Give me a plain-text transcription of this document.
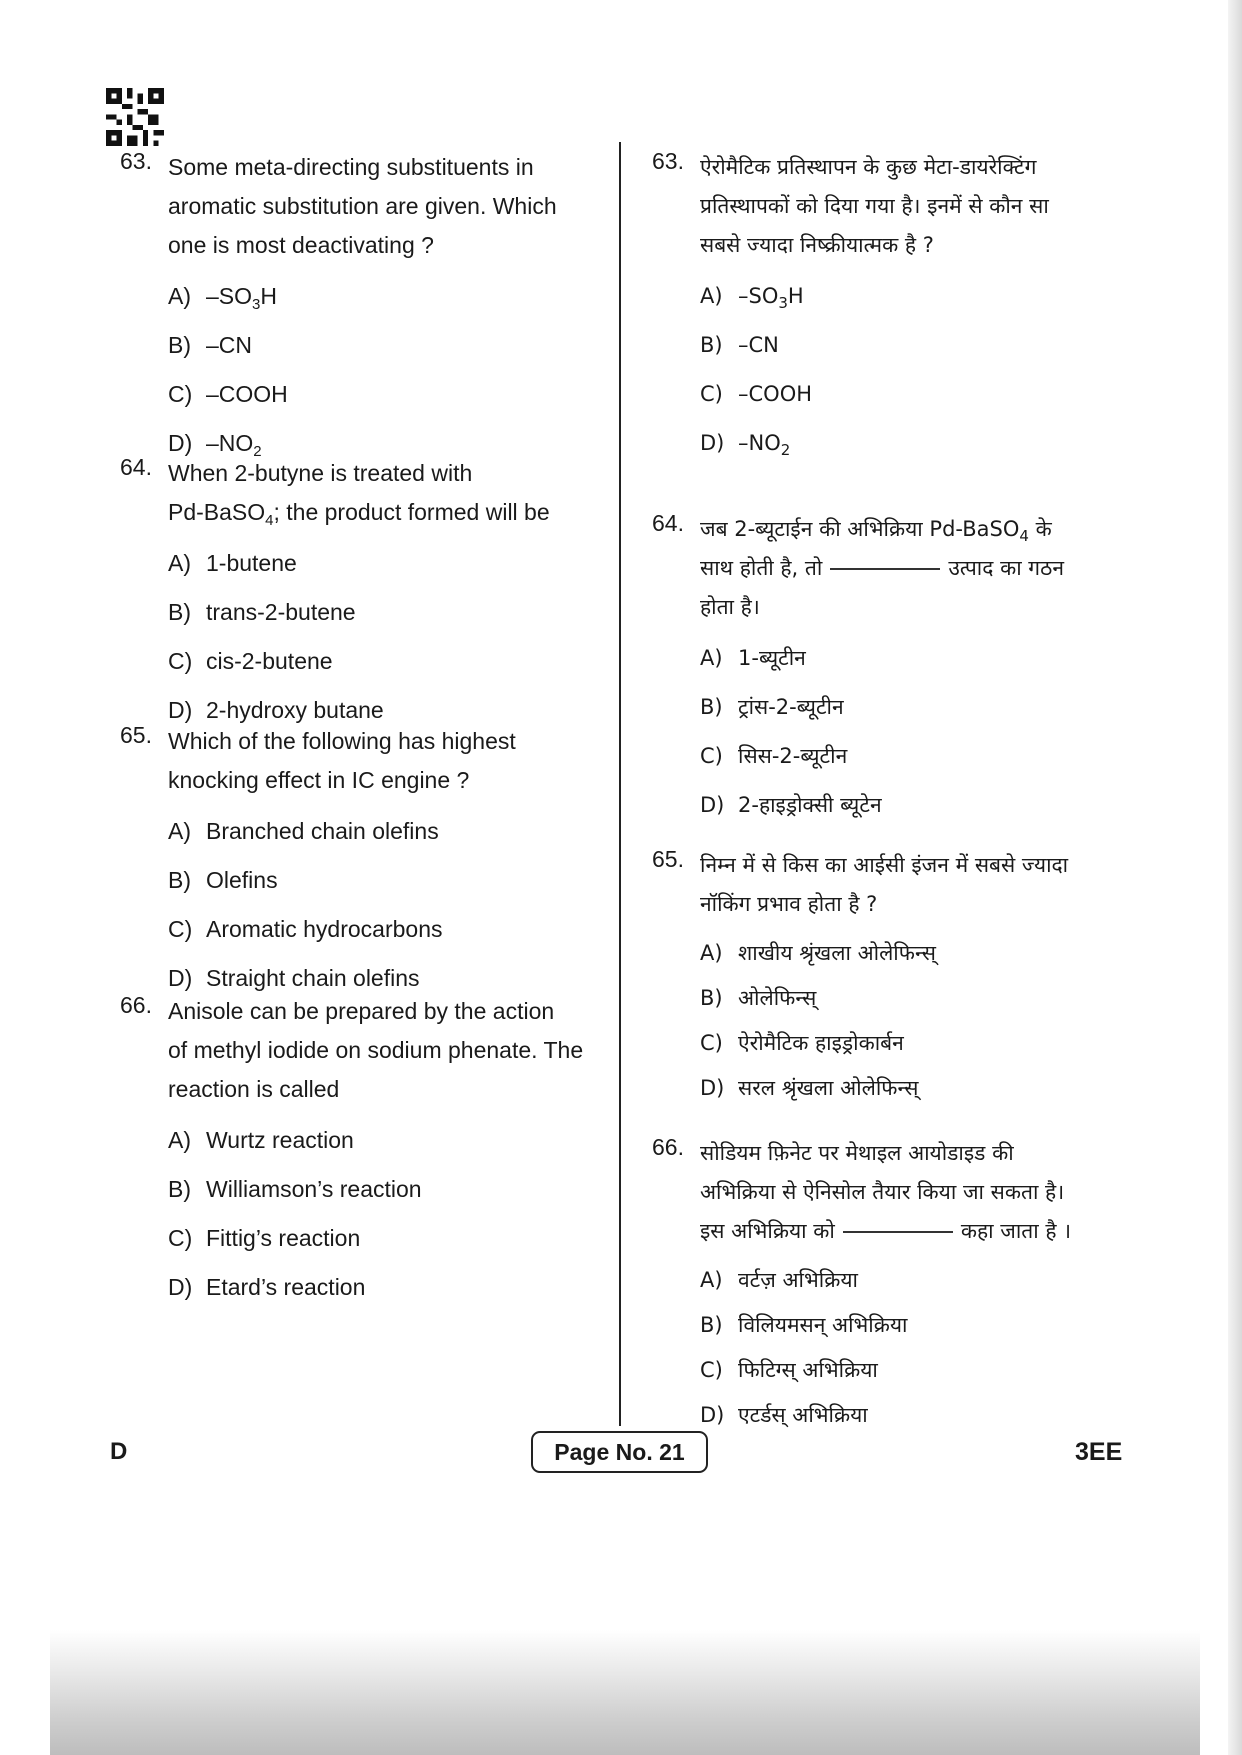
63. Some meta-directing substituents in
aromatic substitution are given. Which
one is most deactivating ?
A) $-SO_3H$
B) –CN
C) –COOH
D) $-NO_2$
64. When 2-butyne is treated with
Pd-BaSO$_4$; the product formed will be
A) 1-butene
B) trans-2-butene
C) cis-2-butene
D) 2-hydroxy butane
65. Which of the following has highest
knocking effect in IC engine ?
A) Branched chain olefins
B) Olefins
C) Aromatic hydrocarbons
D) Straight chain olefins
66. Anisole can be prepared by the action
of methyl iodide on sodium phenate. The
reaction is called
A) Wurtz reaction
B) Williamson’s reaction
C) Fittig’s reaction
D) Etard’s reaction
63. ऐरोमैटिक प्रतिस्थापन के कुछ मेटा-डायरेक्टिंग
प्रतिस्थापकों को दिया गया है। इनमें से कौन सा
सबसे ज्यादा निष्क्रीयात्मक है ?
A) $-SO_3H$
B) –CN
C) –COOH
D) $-NO_2$
64. जब 2-ब्यूटाईन की अभिक्रिया Pd-BaSO$_4$ के
साथ होती है, तो	उत्पाद का गठन
होता है।
A) 1-ब्यूटीन
B) ट्रांस-2-ब्यूटीन
C) सिस-2-ब्यूटीन
D) 2-हाइड्रोक्सी ब्यूटेन
65. निम्न में से किस का आईसी इंजन में सबसे ज्यादा
नॉकिंग प्रभाव होता है ?
A) शाखीय श्रृंखला ओलेफिन्स्
B) ओलेफिन्स्
C) ऐरोमैटिक हाइड्रोकार्बन
D) सरल श्रृंखला ओलेफिन्स्
66. सोडियम फ़िनेट पर मेथाइल आयोडाइड की
अभिक्रिया से ऐनिसोल तैयार किया जा सकता है।
इस अभिक्रिया को	कहा जाता है ।
A) वर्टज़ अभिक्रिया
B) विलियमसन् अभिक्रिया
C) फिटिग्स् अभिक्रिया
D) एटर्डस् अभिक्रिया
D	Page No. 21	3EE
